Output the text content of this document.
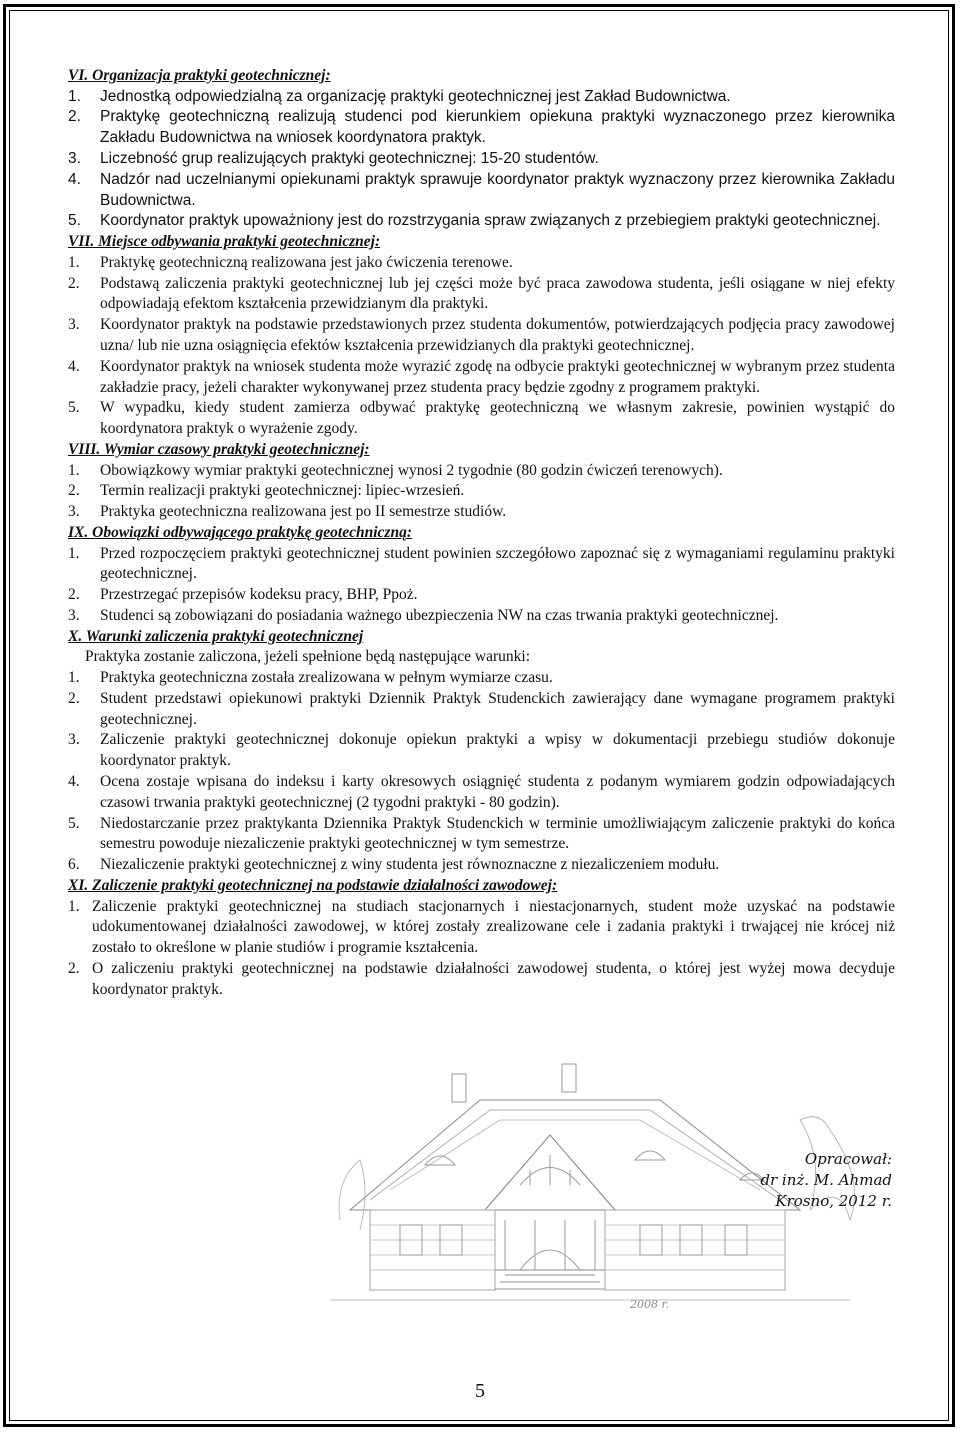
VI. Organizacja praktyki geotechnicznej:
1. Jednostką odpowiedzialną za organizację praktyki geotechnicznej jest Zakład Budownictwa.
2. Praktykę geotechniczną realizują studenci pod kierunkiem opiekuna praktyki wyznaczonego przez kierownika Zakładu Budownictwa na wniosek koordynatora praktyk.
3. Liczebność grup realizujących praktyki geotechnicznej: 15-20 studentów.
4. Nadzór nad uczelnianymi opiekunami praktyk sprawuje koordynator praktyk wyznaczony przez kierownika Zakładu Budownictwa.
5. Koordynator praktyk upoważniony jest do rozstrzygania spraw związanych z przebiegiem praktyki geotechnicznej.
VII. Miejsce odbywania praktyki geotechnicznej:
1. Praktykę geotechniczną realizowana jest jako ćwiczenia terenowe.
2. Podstawą zaliczenia praktyki geotechnicznej lub jej części może być praca zawodowa studenta, jeśli osiągane w niej efekty odpowiadają efektom kształcenia przewidzianym dla praktyki.
3. Koordynator praktyk na podstawie przedstawionych przez studenta dokumentów, potwierdzających podjęcia pracy zawodowej uzna/ lub nie uzna osiągnięcia efektów kształcenia przewidzianych dla praktyki geotechnicznej.
4. Koordynator praktyk na wniosek studenta może wyrazić zgodę na odbycie praktyki geotechnicznej w wybranym przez studenta zakładzie pracy, jeżeli charakter wykonywanej przez studenta pracy będzie zgodny z programem praktyki.
5. W wypadku, kiedy student zamierza odbywać praktykę geotechniczną we własnym zakresie, powinien wystąpić do koordynatora praktyk o wyrażenie zgody.
VIII. Wymiar czasowy praktyki geotechnicznej:
1. Obowiązkowy wymiar praktyki geotechnicznej wynosi 2 tygodnie (80 godzin ćwiczeń terenowych).
2. Termin realizacji praktyki geotechnicznej: lipiec-wrzesień.
3. Praktyka geotechniczna realizowana jest po II semestrze studiów.
IX. Obowiązki odbywającego praktykę geotechniczną:
1. Przed rozpoczęciem praktyki geotechnicznej student powinien szczegółowo zapoznać się z wymaganiami regulaminu praktyki geotechnicznej.
2. Przestrzegać przepisów kodeksu pracy, BHP, Ppoż.
3. Studenci są zobowiązani do posiadania ważnego ubezpieczenia NW na czas trwania praktyki geotechnicznej.
X. Warunki zaliczenia praktyki geotechnicznej
Praktyka zostanie zaliczona, jeżeli spełnione będą następujące warunki:
1. Praktyka geotechniczna została zrealizowana w pełnym wymiarze czasu.
2. Student przedstawi opiekunowi praktyki Dziennik Praktyk Studenckich zawierający dane wymagane programem praktyki geotechnicznej.
3. Zaliczenie praktyki geotechnicznej dokonuje opiekun praktyki a wpisy w dokumentacji przebiegu studiów dokonuje koordynator praktyk.
4. Ocena zostaje wpisana do indeksu i karty okresowych osiągnięć studenta z podanym wymiarem godzin odpowiadających czasowi trwania praktyki geotechnicznej (2 tygodni praktyki - 80 godzin).
5. Niedostarczanie przez praktykanta Dziennika Praktyk Studenckich w terminie umożliwiającym zaliczenie praktyki do końca semestru powoduje niezaliczenie praktyki geotechnicznej w tym semestrze.
6. Niezaliczenie praktyki geotechnicznej z winy studenta jest równoznaczne z niezaliczeniem modułu.
XI. Zaliczenie praktyki geotechnicznej na podstawie działalności zawodowej:
1. Zaliczenie praktyki geotechnicznej na studiach stacjonarnych i niestacjonarnych, student może uzyskać na podstawie udokumentowanej działalności zawodowej, w której zostały zrealizowane cele i zadania praktyki i trwającej nie krócej niż zostało to określone w planie studiów i programie kształcenia.
2. O zaliczeniu praktyki geotechnicznej na podstawie działalności zawodowej studenta, o której jest wyżej mowa decyduje koordynator praktyk.
2008 r.
Opracował:
dr inż. M. Ahmad
Krosno, 2012 r.
5
